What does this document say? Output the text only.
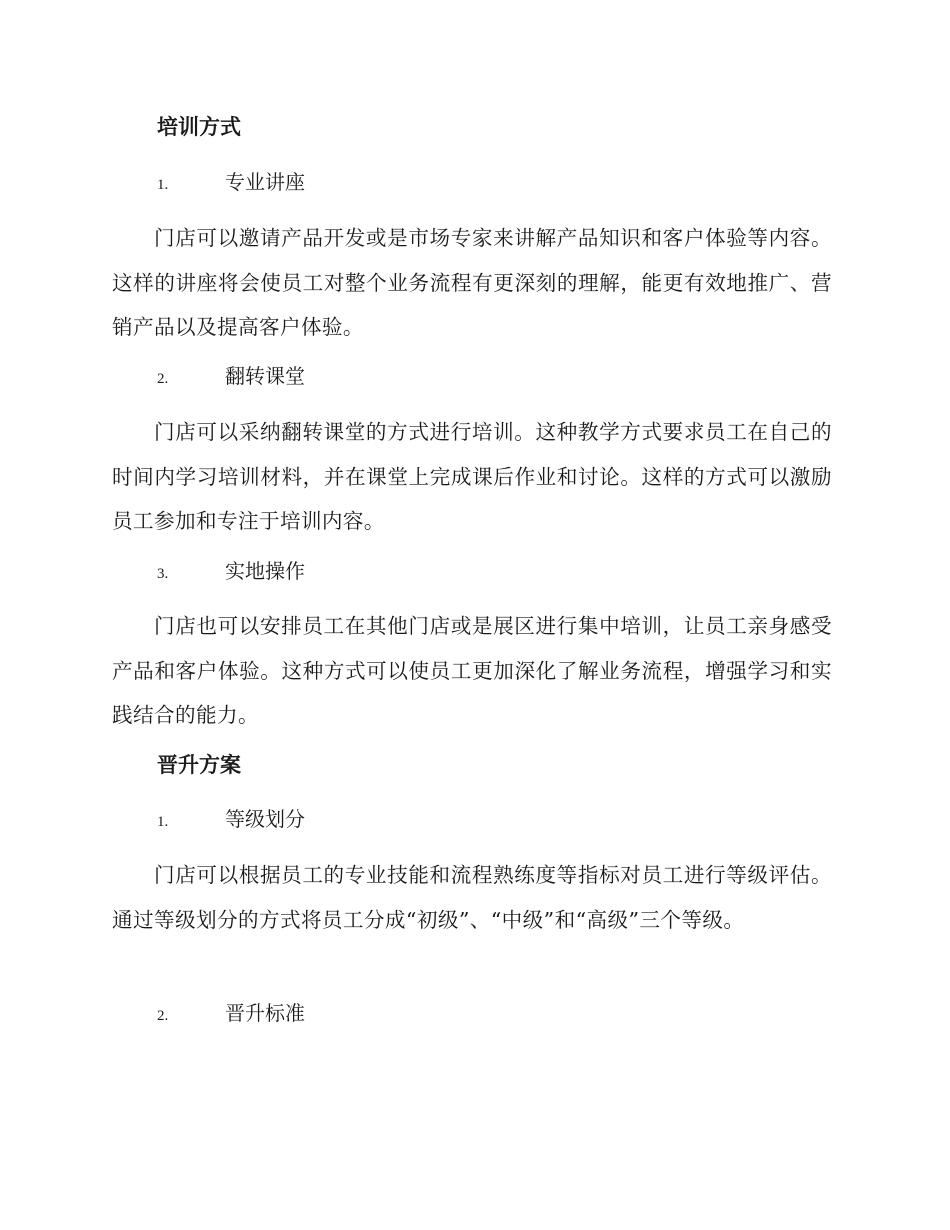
培训方式
1.	专业讲座

门店可以邀请产品开发或是市场专家来讲解产品知识和客户体验等内容。这样的讲座将会使员工对整个业务流程有更深刻的理解，能更有效地推广、营销产品以及提高客户体验。

2.	翻转课堂

门店可以采纳翻转课堂的方式进行培训。这种教学方式要求员工在自己的时间内学习培训材料，并在课堂上完成课后作业和讨论。这样的方式可以激励员工参加和专注于培训内容。

3.	实地操作

门店也可以安排员工在其他门店或是展区进行集中培训，让员工亲身感受产品和客户体验。这种方式可以使员工更加深化了解业务流程，增强学习和实践结合的能力。

晋升方案
1.	等级划分

门店可以根据员工的专业技能和流程熟练度等指标对员工进行等级评估。通过等级划分的方式将员工分成“初级”、“中级”和“高级”三个等级。

2.	晋升标准
